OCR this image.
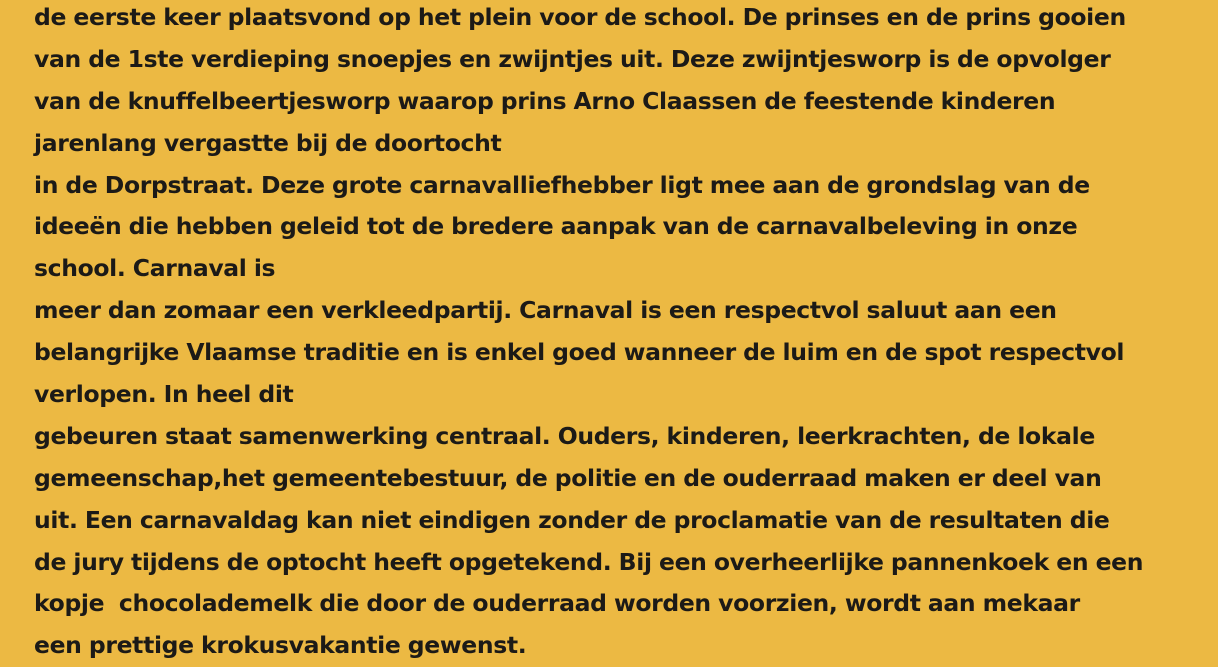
de eerste keer plaatsvond op het plein voor de school. De prinses en de prins gooien
van de 1ste verdieping snoepjes en zwijntjes uit. Deze zwijntjesworp is de opvolger
van de knuffelbeertjesworp waarop prins Arno Claassen de feestende kinderen
jarenlang vergastte bij de doortocht
in de Dorpstraat. Deze grote carnavalliefhebber ligt mee aan de grondslag van de
ideeën die hebben geleid tot de bredere aanpak van de carnavalbeleving in onze
school. Carnaval is
meer dan zomaar een verkleedpartij. Carnaval is een respectvol saluut aan een
belangrijke Vlaamse traditie en is enkel goed wanneer de luim en de spot respectvol
verlopen. In heel dit
gebeuren staat samenwerking centraal. Ouders, kinderen, leerkrachten, de lokale
gemeenschap,het gemeentebestuur, de politie en de ouderraad maken er deel van
uit. Een carnavaldag kan niet eindigen zonder de proclamatie van de resultaten die
de jury tijdens de optocht heeft opgetekend. Bij een overheerlijke pannenkoek en een
kopje  chocolademelk die door de ouderraad worden voorzien, wordt aan mekaar
een prettige krokusvakantie gewenst.
